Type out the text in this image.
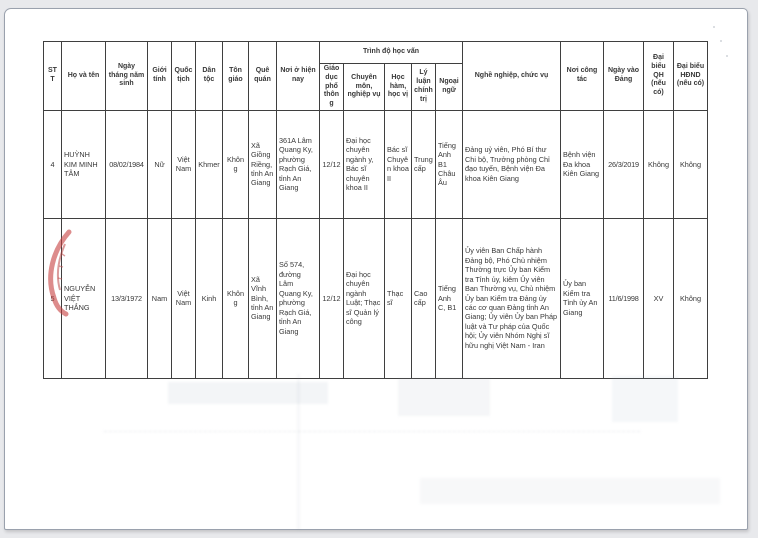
STT	Họ và tên	Ngày tháng năm sinh	Giới tính	Quốc tịch	Dân tộc	Tôn giáo	Quê quán	Nơi ở hiện nay	Trình độ học vấn					Nghề nghiệp, chức vụ	Nơi công tác	Ngày vào Đảng	Đại biểu QH (nếu có)	Đại biểu HĐND (nếu có)
									Giáo dục phổ thông	Chuyên môn, nghiệp vụ	Học hàm, học vị	Lý luận chính trị	Ngoại ngữ					
4	HUỲNH KIM MINH TÂM	08/02/1984	Nữ	Việt Nam	Khmer	Không	Xã Giồng Riềng, tỉnh An Giang	361A Lâm Quang Ky, phường Rạch Giá, tỉnh An Giang	12/12	Đại học chuyên ngành y, Bác sĩ chuyên khoa II	Bác sĩ Chuyên khoa II	Trung cấp	Tiếng Anh B1 Châu Âu	Đảng uỷ viên, Phó Bí thư Chi bộ, Trưởng phòng Chỉ đạo tuyến, Bệnh viện Đa khoa Kiên Giang	Bệnh viện Đa khoa Kiên Giang	26/3/2019	Không	Không
5	NGUYỄN VIỆT THẮNG	13/3/1972	Nam	Việt Nam	Kinh	Không	Xã Vĩnh Bình, tỉnh An Giang	Số 574, đường Lâm Quang Ky, phường Rạch Giá, tỉnh An Giang	12/12	Đại học chuyên ngành Luật; Thạc sĩ Quản lý công	Thạc sĩ	Cao cấp	Tiếng Anh C, B1	Ủy viên Ban Chấp hành Đảng bộ, Phó Chủ nhiệm Thường trực Ủy ban Kiểm tra Tỉnh ủy, kiêm Ủy viên Ban Thường vụ, Chủ nhiệm Ủy ban Kiểm tra Đảng ủy các cơ quan Đảng tỉnh An Giang; Ủy viên Ủy ban Pháp luật và Tư pháp của Quốc hội; Ủy viên Nhóm Nghị sĩ hữu nghị Việt Nam - Iran	Ủy ban Kiểm tra Tỉnh ủy An Giang	11/6/1998	XV	Không
